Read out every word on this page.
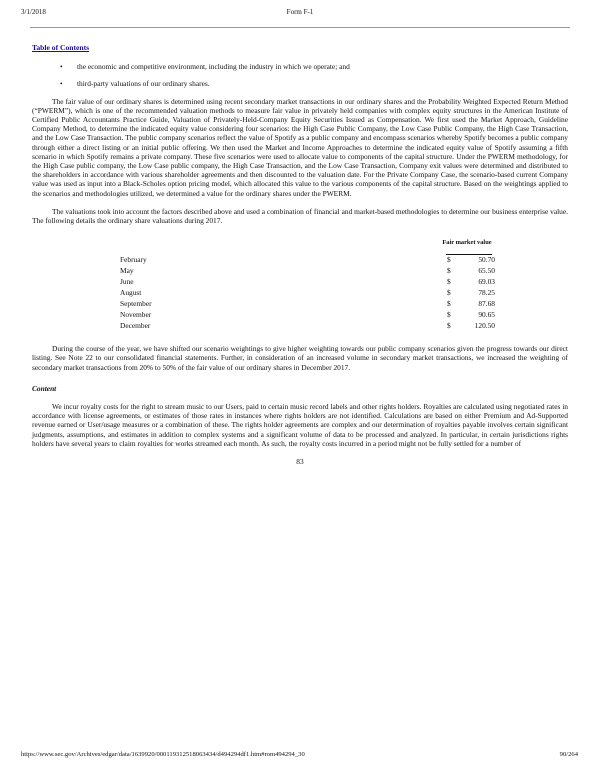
3/1/2018	Form F-1
Table of Contents
• the economic and competitive environment, including the industry in which we operate; and
• third-party valuations of our ordinary shares.

The fair value of our ordinary shares is determined using recent secondary market transactions in our ordinary shares and the Probability Weighted Expected Return Method (“PWERM”), which is one of the recommended valuation methods to measure fair value in privately held companies with complex equity structures in the American Institute of Certified Public Accountants Practice Guide, Valuation of Privately-Held-Company Equity Securities Issued as Compensation. We first used the Market Approach, Guideline Company Method, to determine the indicated equity value considering four scenarios: the High Case Public Company, the Low Case Public Company, the High Case Transaction, and the Low Case Transaction. The public company scenarios reflect the value of Spotify as a public company and encompass scenarios whereby Spotify becomes a public company through either a direct listing or an initial public offering. We then used the Market and Income Approaches to determine the indicated equity value of Spotify assuming a fifth scenario in which Spotify remains a private company. These five scenarios were used to allocate value to components of the capital structure. Under the PWERM methodology, for the High Case public company, the Low Case public company, the High Case Transaction, and the Low Case Transaction, Company exit values were determined and distributed to the shareholders in accordance with various shareholder agreements and then discounted to the valuation date. For the Private Company Case, the scenario-based current Company value was used as input into a Black-Scholes option pricing model, which allocated this value to the various components of the capital structure. Based on the weightings applied to the scenarios and methodologies utilized, we determined a value for the ordinary shares under the PWERM.

The valuations took into account the factors described above and used a combination of financial and market-based methodologies to determine our business enterprise value. The following details the ordinary share valuations during 2017.

Fair market value
February	$	50.70
May	$	65.50
June	$	69.03
August	$	78.25
September	$	87.68
November	$	90.65
December	$	120.50

During the course of the year, we have shifted our scenario weightings to give higher weighting towards our public company scenarios given the progress towards our direct listing. See Note 22 to our consolidated financial statements. Further, in consideration of an increased volume in secondary market transactions, we increased the weighting of secondary market transactions from 20% to 50% of the fair value of our ordinary shares in December 2017.

Content

We incur royalty costs for the right to stream music to our Users, paid to certain music record labels and other rights holders. Royalties are calculated using negotiated rates in accordance with license agreements, or estimates of those rates in instances where rights holders are not identified. Calculations are based on either Premium and Ad-Supported revenue earned or User/usage measures or a combination of these. The rights holder agreements are complex and our determination of royalties payable involves certain significant judgments, assumptions, and estimates in addition to complex systems and a significant volume of data to be processed and analyzed. In particular, in certain jurisdictions rights holders have several years to claim royalties for works streamed each month. As such, the royalty costs incurred in a period might not be fully settled for a number of

83
https://www.sec.gov/Archives/edgar/data/1639920/000119312518063434/d494294df1.htm#rom494294_30	90/264
